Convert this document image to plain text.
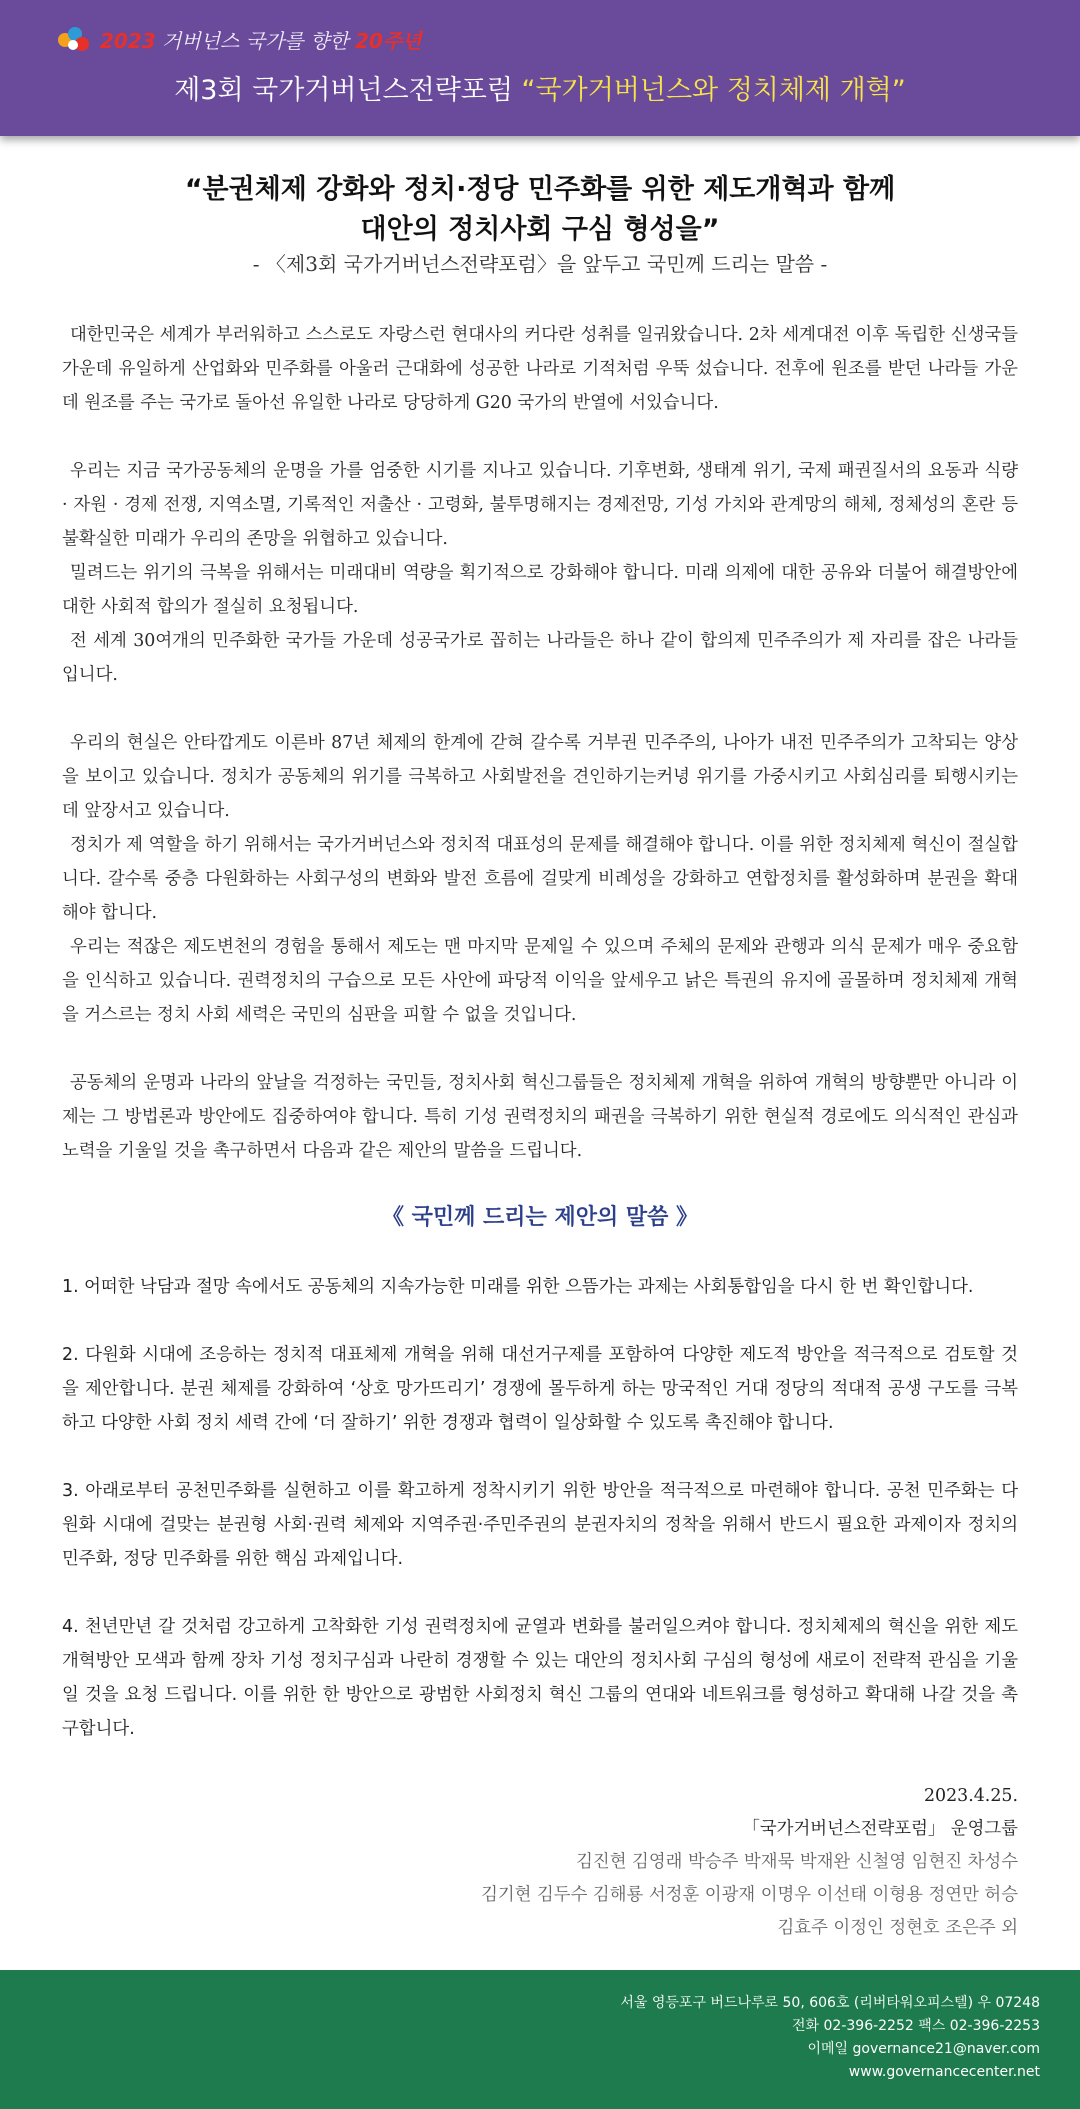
2023 거버넌스 국가를 향한 20주년
제3회 국가거버넌스전략포럼 “국가거버넌스와 정치체제 개혁”
“분권체제 강화와 정치·정당 민주화를 위한 제도개혁과 함께
대안의 정치사회 구심 형성을”
- 〈제3회 국가거버넌스전략포럼〉을 앞두고 국민께 드리는 말씀 -

대한민국은 세계가 부러워하고 스스로도 자랑스런 현대사의 커다란 성취를 일궈왔습니다. 2차 세계대전 이후 독립한 신생국들 가운데 유일하게 산업화와 민주화를 아울러 근대화에 성공한 나라로 기적처럼 우뚝 섰습니다. 전후에 원조를 받던 나라들 가운데 원조를 주는 국가로 돌아선 유일한 나라로 당당하게 G20 국가의 반열에 서있습니다.

우리는 지금 국가공동체의 운명을 가를 엄중한 시기를 지나고 있습니다. 기후변화, 생태계 위기, 국제 패권질서의 요동과 식량 · 자원 · 경제 전쟁, 지역소멸, 기록적인 저출산 · 고령화, 불투명해지는 경제전망, 기성 가치와 관계망의 해체, 정체성의 혼란 등 불확실한 미래가 우리의 존망을 위협하고 있습니다.

밀려드는 위기의 극복을 위해서는 미래대비 역량을 획기적으로 강화해야 합니다. 미래 의제에 대한 공유와 더불어 해결방안에 대한 사회적 합의가 절실히 요청됩니다.

전 세계 30여개의 민주화한 국가들 가운데 성공국가로 꼽히는 나라들은 하나 같이 합의제 민주주의가 제 자리를 잡은 나라들입니다.

우리의 현실은 안타깝게도 이른바 87년 체제의 한계에 갇혀 갈수록 거부권 민주주의, 나아가 내전 민주주의가 고착되는 양상을 보이고 있습니다. 정치가 공동체의 위기를 극복하고 사회발전을 견인하기는커녕 위기를 가중시키고 사회심리를 퇴행시키는 데 앞장서고 있습니다.

정치가 제 역할을 하기 위해서는 국가거버넌스와 정치적 대표성의 문제를 해결해야 합니다. 이를 위한 정치체제 혁신이 절실합니다. 갈수록 중층 다원화하는 사회구성의 변화와 발전 흐름에 걸맞게 비례성을 강화하고 연합정치를 활성화하며 분권을 확대해야 합니다.

우리는 적잖은 제도변천의 경험을 통해서 제도는 맨 마지막 문제일 수 있으며 주체의 문제와 관행과 의식 문제가 매우 중요함을 인식하고 있습니다. 권력정치의 구습으로 모든 사안에 파당적 이익을 앞세우고 낡은 특권의 유지에 골몰하며 정치체제 개혁을 거스르는 정치 사회 세력은 국민의 심판을 피할 수 없을 것입니다.

공동체의 운명과 나라의 앞날을 걱정하는 국민들, 정치사회 혁신그룹들은 정치체제 개혁을 위하여 개혁의 방향뿐만 아니라 이제는 그 방법론과 방안에도 집중하여야 합니다. 특히 기성 권력정치의 패권을 극복하기 위한 현실적 경로에도 의식적인 관심과 노력을 기울일 것을 촉구하면서 다음과 같은 제안의 말씀을 드립니다.

《 국민께 드리는 제안의 말씀 》

1. 어떠한 낙담과 절망 속에서도 공동체의 지속가능한 미래를 위한 으뜸가는 과제는 사회통합임을 다시 한 번 확인합니다.

2. 다원화 시대에 조응하는 정치적 대표체제 개혁을 위해 대선거구제를 포함하여 다양한 제도적 방안을 적극적으로 검토할 것을 제안합니다. 분권 체제를 강화하여 ‘상호 망가뜨리기’ 경쟁에 몰두하게 하는 망국적인 거대 정당의 적대적 공생 구도를 극복하고 다양한 사회 정치 세력 간에 ‘더 잘하기’ 위한 경쟁과 협력이 일상화할 수 있도록 촉진해야 합니다.

3. 아래로부터 공천민주화를 실현하고 이를 확고하게 정착시키기 위한 방안을 적극적으로 마련해야 합니다. 공천 민주화는 다원화 시대에 걸맞는 분권형 사회·권력 체제와 지역주권·주민주권의 분권자치의 정착을 위해서 반드시 필요한 과제이자 정치의 민주화, 정당 민주화를 위한 핵심 과제입니다.

4. 천년만년 갈 것처럼 강고하게 고착화한 기성 권력정치에 균열과 변화를 불러일으켜야 합니다. 정치체제의 혁신을 위한 제도개혁방안 모색과 함께 장차 기성 정치구심과 나란히 경쟁할 수 있는 대안의 정치사회 구심의 형성에 새로이 전략적 관심을 기울일 것을 요청 드립니다. 이를 위한 한 방안으로 광범한 사회정치 혁신 그룹의 연대와 네트워크를 형성하고 확대해 나갈 것을 촉구합니다.

2023.4.25.
「국가거버넌스전략포럼」 운영그룹
김진현 김영래 박승주 박재묵 박재완 신철영 임현진 차성수
김기현 김두수 김해룡 서정훈 이광재 이명우 이선태 이형용 정연만 허승
김효주 이정인 정현호 조은주 외
서울 영등포구 버드나루로 50, 606호 (리버타워오피스텔) 우 07248
전화 02-396-2252 팩스 02-396-2253
이메일 governance21@naver.com
www.governancecenter.net
